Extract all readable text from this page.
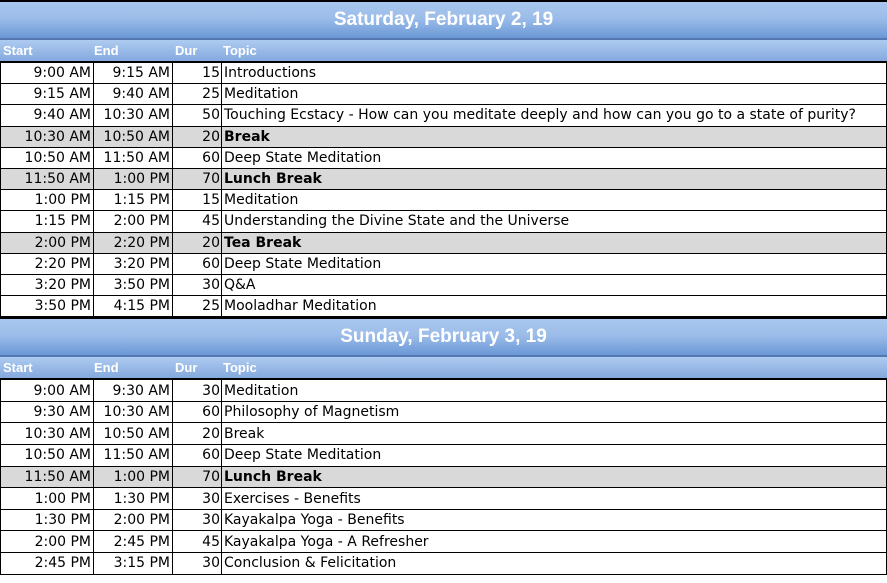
Saturday, February 2, 19
Start	End	Dur	Topic
9:00 AM	9:15 AM	15 Introductions
9:15 AM	9:40 AM	25 Meditation
9:40 AM 10:30 AM	50 Touching Ecstacy - How can you meditate deeply and how can you go to a state of purity?
10:30 AM 10:50 AM	20 Break
10:50 AM 11:50 AM	60 Deep State Meditation
11:50 AM	1:00 PM	70 Lunch Break
1:00 PM	1:15 PM	15 Meditation
1:15 PM	2:00 PM	45 Understanding the Divine State and the Universe
2:00 PM	2:20 PM	20 Tea Break
2:20 PM	3:20 PM	60 Deep State Meditation
3:20 PM	3:50 PM	30 Q&A
3:50 PM	4:15 PM	25 Mooladhar Meditation
Sunday, February 3, 19
Start	End	Dur	Topic
9:00 AM	9:30 AM	30 Meditation
9:30 AM 10:30 AM	60 Philosophy of Magnetism
10:30 AM 10:50 AM	20 Break
10:50 AM 11:50 AM	60 Deep State Meditation
11:50 AM	1:00 PM	70 Lunch Break
1:00 PM	1:30 PM	30 Exercises - Benefits
1:30 PM	2:00 PM	30 Kayakalpa Yoga - Benefits
2:00 PM	2:45 PM	45 Kayakalpa Yoga - A Refresher
2:45 PM	3:15 PM	30 Conclusion & Felicitation
